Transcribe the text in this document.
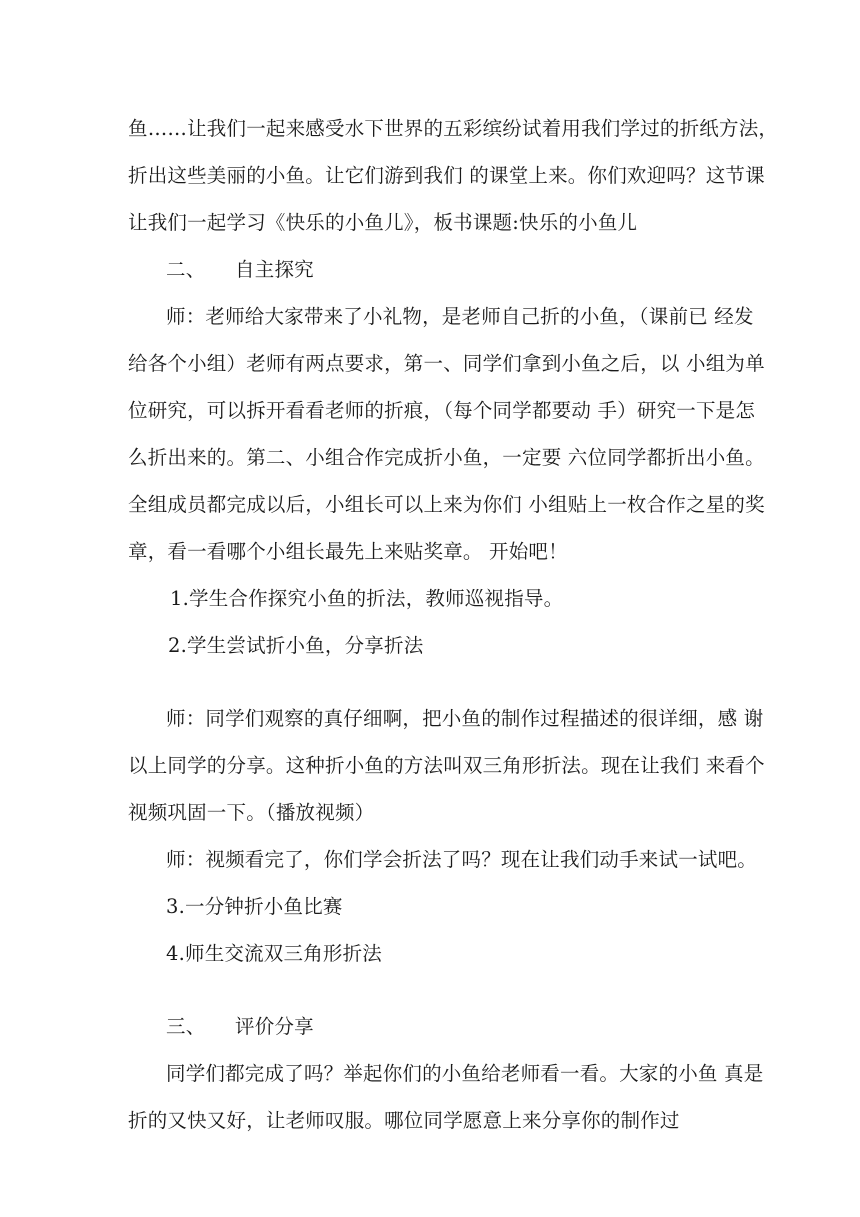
鱼……让我们一起来感受水下世界的五彩缤纷试着用我们学过的折纸方法，
折出这些美丽的小鱼。让它们游到我们 的课堂上来。你们欢迎吗？这节课
让我们一起学习《快乐的小鱼儿》，板书课题:快乐的小鱼儿
二、　　自主探究
师：老师给大家带来了小礼物，是老师自己折的小鱼，（课前已 经发
给各个小组）老师有两点要求，第一、同学们拿到小鱼之后，以 小组为单
位研究，可以拆开看看老师的折痕，（每个同学都要动 手）研究一下是怎
么折出来的。第二、小组合作完成折小鱼，一定要 六位同学都折出小鱼。
全组成员都完成以后，小组长可以上来为你们 小组贴上一枚合作之星的奖
章，看一看哪个小组长最先上来贴奖章。 开始吧！
1.学生合作探究小鱼的折法，教师巡视指导。
2.学生尝试折小鱼，分享折法
师：同学们观察的真仔细啊，把小鱼的制作过程描述的很详细，感 谢
以上同学的分享。这种折小鱼的方法叫双三角形折法。现在让我们 来看个
视频巩固一下。（播放视频）
师：视频看完了，你们学会折法了吗？现在让我们动手来试一试吧。
3.一分钟折小鱼比赛
4.师生交流双三角形折法
三、　　评价分享
同学们都完成了吗？举起你们的小鱼给老师看一看。大家的小鱼 真是
折的又快又好，让老师叹服。哪位同学愿意上来分享你的制作过
